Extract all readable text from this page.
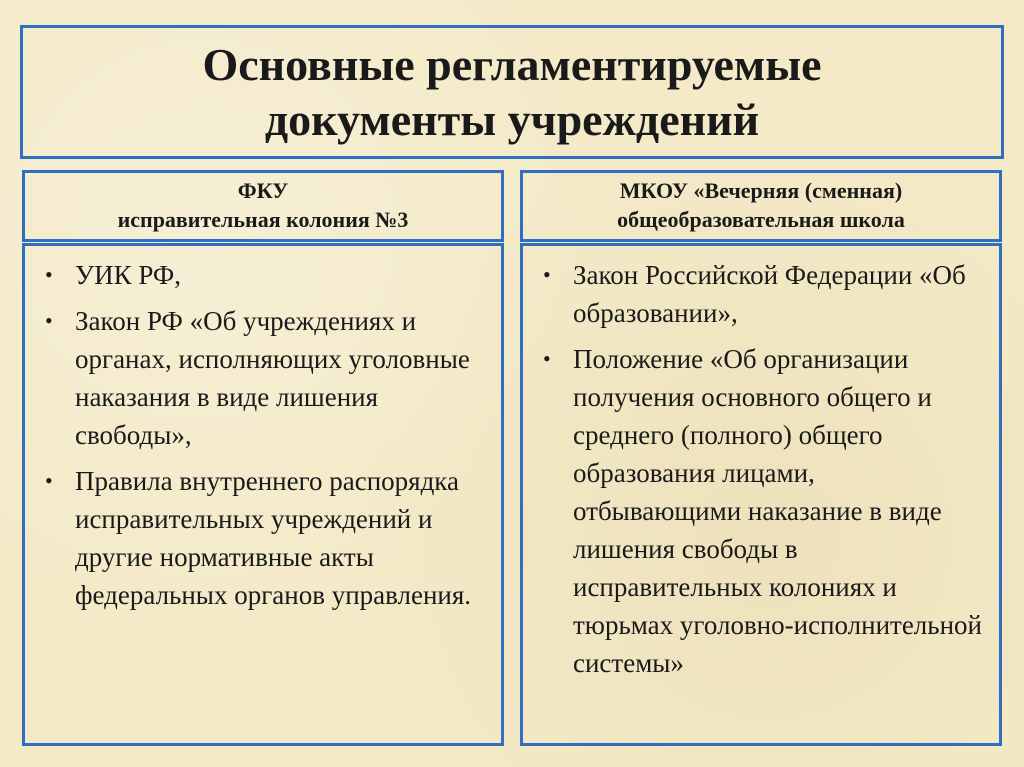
Основные регламентируемые
документы учреждений
ФКУ
исправительная колония №3
МКОУ «Вечерняя (сменная)
общеобразовательная школа
• УИК РФ,
• Закон РФ «Об учреждениях и органах, исполняющих уголовные наказания в виде лишения свободы»,
• Правила внутреннего распорядка исправительных учреждений и другие нормативные акты федеральных органов управления.
• Закон Российской Федерации «Об образовании»,
• Положение «Об организации получения основного общего и среднего (полного) общего образования лицами, отбывающими наказание в виде лишения свободы в исправительных колониях и тюрьмах уголовно-исполнительной системы»
